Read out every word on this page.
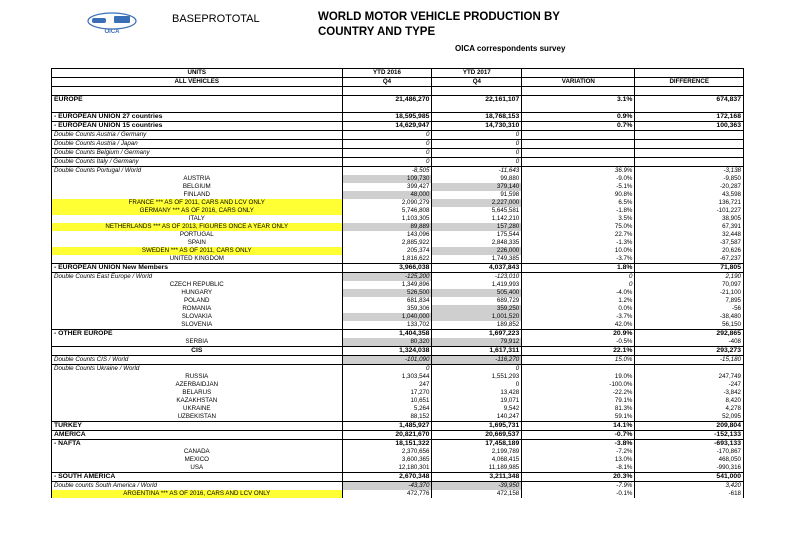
OICA
BASEPROTOTAL	WORLD MOTOR VEHICLE PRODUCTION BY COUNTRY AND TYPE
OICA correspondents survey
UNITS	YTD 2016	YTD 2017		
ALL VEHICLES	Q4	Q4	VARIATION	DIFFERENCE

EUROPE	21,486,270	22,161,107	3.1%	674,837

- EUROPEAN UNION 27 countries	18,595,985	18,768,153	0.9%	172,168
- EUROPEAN UNION 15 countries	14,629,947	14,730,310	0.7%	100,363
Double Counts Austria / Germany	0	0		
Double Counts Austria / Japan	0	0		
Double Counts Belgium / Germany	0	0		
Double Counts Italy / Germany	0	0		
Double Counts Portugal / World	-8,505	-11,643	36.9%	-3,138
AUSTRIA	109,730	99,880	-9.0%	-9,850
BELGIUM	399,427	379,140	-5.1%	-20,287
FINLAND	48,000	91,598	90.8%	43,598
FRANCE *** AS OF 2011, CARS AND LCV ONLY	2,090,279	2,227,000	6.5%	136,721
GERMANY *** AS OF 2016, CARS ONLY	5,746,808	5,645,581	-1.8%	-101,227
ITALY	1,103,305	1,142,210	3.5%	38,905
NETHERLANDS *** AS OF 2013, FIGURES ONCE A YEAR ONLY	89,889	157,280	75.0%	67,391
PORTUGAL	143,096	175,544	22.7%	32,448
SPAIN	2,885,922	2,848,335	-1.3%	-37,587
SWEDEN *** AS OF 2011, CARS ONLY	205,374	226,000	10.0%	20,626
UNITED KINGDOM	1,816,622	1,749,385	-3.7%	-67,237
- EUROPEAN UNION New Members	3,966,038	4,037,843	1.8%	71,805
Double Counts East Europe / World	-125,200	-123,010	0	2,190
CZECH REPUBLIC	1,349,896	1,419,993	0	70,097
HUNGARY	526,500	505,400	-4.0%	-21,100
POLAND	681,834	689,729	1.2%	7,895
ROMANIA	359,306	359,250	0.0%	-56
SLOVAKIA	1,040,000	1,001,520	-3.7%	-38,480
SLOVENIA	133,702	189,852	42.0%	56,150
- OTHER EUROPE	1,404,358	1,697,223	20.9%	292,865
SERBIA	80,320	79,912	-0.5%	-408
CIS	1,324,038	1,617,311	22.1%	293,273
Double Counts CIS / World	-101,090	-116,270	15.0%	-15,180
Double Counts Ukraine / World	0	0		
RUSSIA	1,303,544	1,551,293	19.0%	247,749
AZERBAIDJAN	247	0	-100.0%	-247
BELARUS	17,270	13,428	-22.2%	-3,842
KAZAKHSTAN	10,651	19,071	79.1%	8,420
UKRAINE	5,264	9,542	81.3%	4,278
UZBEKISTAN	88,152	140,247	59.1%	52,095
TURKEY	1,485,927	1,695,731	14.1%	209,804
AMERICA	20,821,670	20,669,537	-0.7%	-152,133
- NAFTA	18,151,322	17,458,189	-3.8%	-693,133
CANADA	2,370,656	2,199,789	-7.2%	-170,867
MEXICO	3,600,365	4,068,415	13.0%	468,050
USA	12,180,301	11,189,985	-8.1%	-990,316
- SOUTH AMERICA	2,670,348	3,211,348	20.3%	541,000
Double counts South America / World	-43,370	-39,950	-7.9%	3,420
ARGENTINA *** AS OF 2016, CARS AND LCV ONLY	472,776	472,158	-0.1%	-618
